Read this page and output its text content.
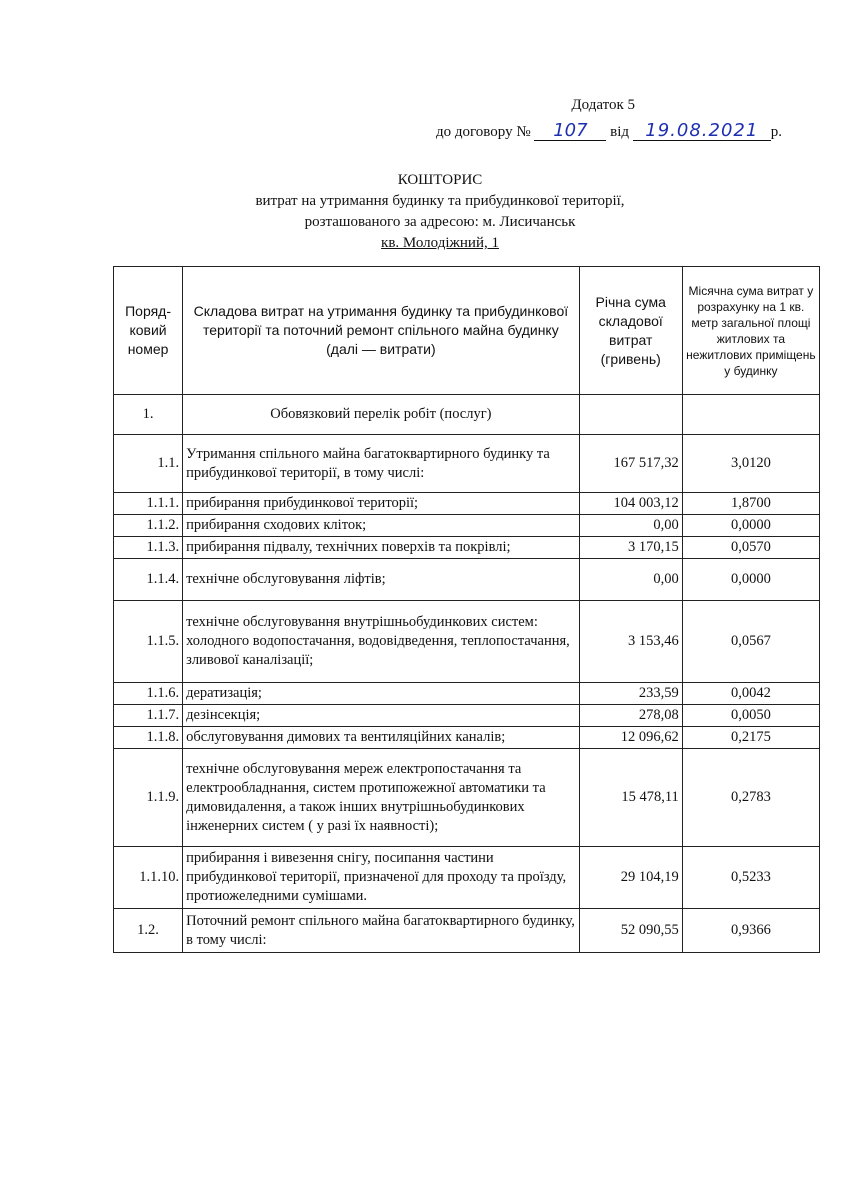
Додаток 5
до договору № 107 від 19.08.2021 р.
КОШТОРИС
витрат на утримання будинку та прибудинкової території,
розташованого за адресою: м. Лисичанськ
кв. Молодіжний, 1
Поряд-ковий номер	Складова витрат на утримання будинку та прибудинкової території та поточний ремонт спільного майна будинку (далі — витрати)	Річна сума складової витрат (гривень)	Місячна сума витрат у розрахунку на 1 кв. метр загальної площі житлових та нежитлових приміщень у будинку
1.	Обовязковий перелік робіт (послуг)		
1.1.	Утримання спільного майна багатоквартирного будинку та прибудинкової території, в тому числі:	167 517,32	3,0120
1.1.1.	прибирання прибудинкової території;	104 003,12	1,8700
1.1.2.	прибирання сходових кліток;	0,00	0,0000
1.1.3.	прибирання підвалу, технічних поверхів та покрівлі;	3 170,15	0,0570
1.1.4.	технічне обслуговування ліфтів;	0,00	0,0000
1.1.5.	технічне обслуговування внутрішньобудинкових систем: холодного водопостачання, водовідведення, теплопостачання, зливової каналізації;	3 153,46	0,0567
1.1.6.	дератизація;	233,59	0,0042
1.1.7.	дезінсекція;	278,08	0,0050
1.1.8.	обслуговування димових та вентиляційних каналів;	12 096,62	0,2175
1.1.9.	технічне обслуговування мереж електропостачання та електрообладнання, систем протипожежної автоматики та димовидалення, а також інших внутрішньобудинкових інженерних систем ( у разі їх наявності);	15 478,11	0,2783
1.1.10.	прибирання і вивезення снігу, посипання частини прибудинкової території, призначеної для проходу та проїзду, протиожеледними сумішами.	29 104,19	0,5233
1.2.	Поточний ремонт спільного майна багатоквартирного будинку, в тому числі:	52 090,55	0,9366
